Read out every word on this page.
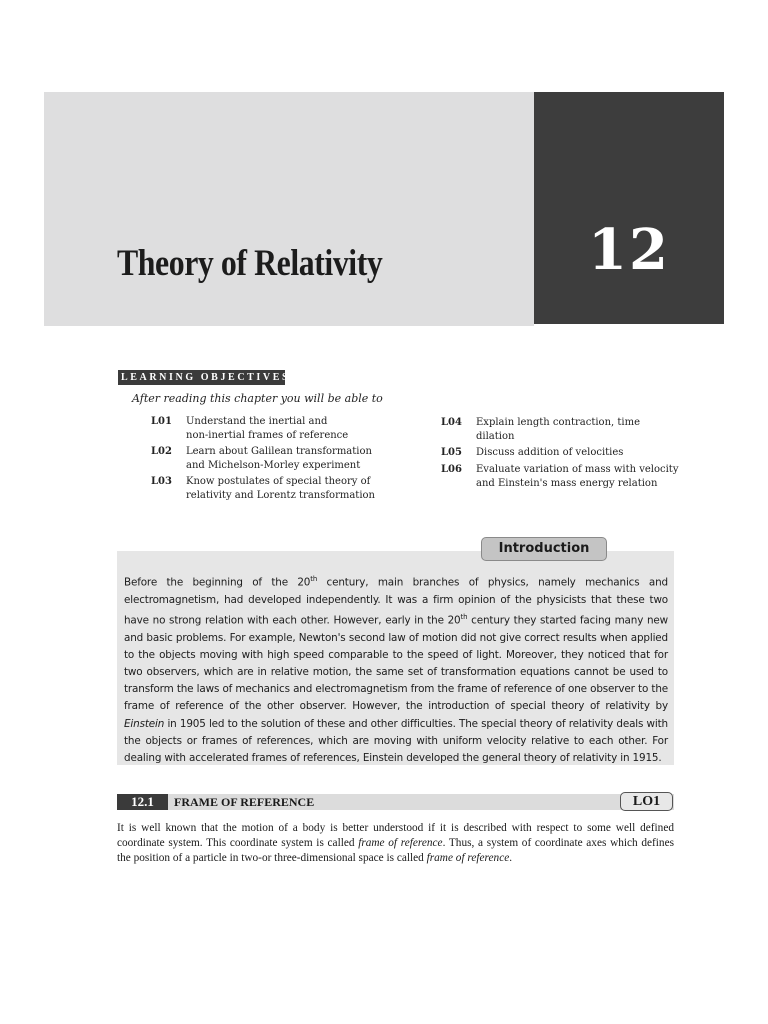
Theory of Relativity	12
LEARNING OBJECTIVES
After reading this chapter you will be able to
L01 Understand the inertial and
non-inertial frames of reference
L02 Learn about Galilean transformation
and Michelson-Morley experiment
L03 Know postulates of special theory of
relativity and Lorentz transformation
L04 Explain length contraction, time
dilation
L05 Discuss addition of velocities
L06 Evaluate variation of mass with velocity
and Einstein's mass energy relation
Introduction
Before the beginning of the 20th century, main branches of physics, namely mechanics and electromagnetism, had developed independently. It was a firm opinion of the physicists that these two have no strong relation with each other. However, early in the 20th century they started facing many new and basic problems. For example, Newton's second law of motion did not give correct results when applied to the objects moving with high speed comparable to the speed of light. Moreover, they noticed that for two observers, which are in relative motion, the same set of transformation equations cannot be used to transform the laws of mechanics and electromagnetism from the frame of reference of one observer to the frame of reference of the other observer. However, the introduction of special theory of relativity by Einstein in 1905 led to the solution of these and other difficulties. The special theory of relativity deals with the objects or frames of references, which are moving with uniform velocity relative to each other. For dealing with accelerated frames of references, Einstein developed the general theory of relativity in 1915.
12.1	FRAME OF REFERENCE	LO1
It is well known that the motion of a body is better understood if it is described with respect to some well defined coordinate system. This coordinate system is called frame of reference. Thus, a system of coordinate axes which defines the position of a particle in two-or three-dimensional space is called frame of reference.
